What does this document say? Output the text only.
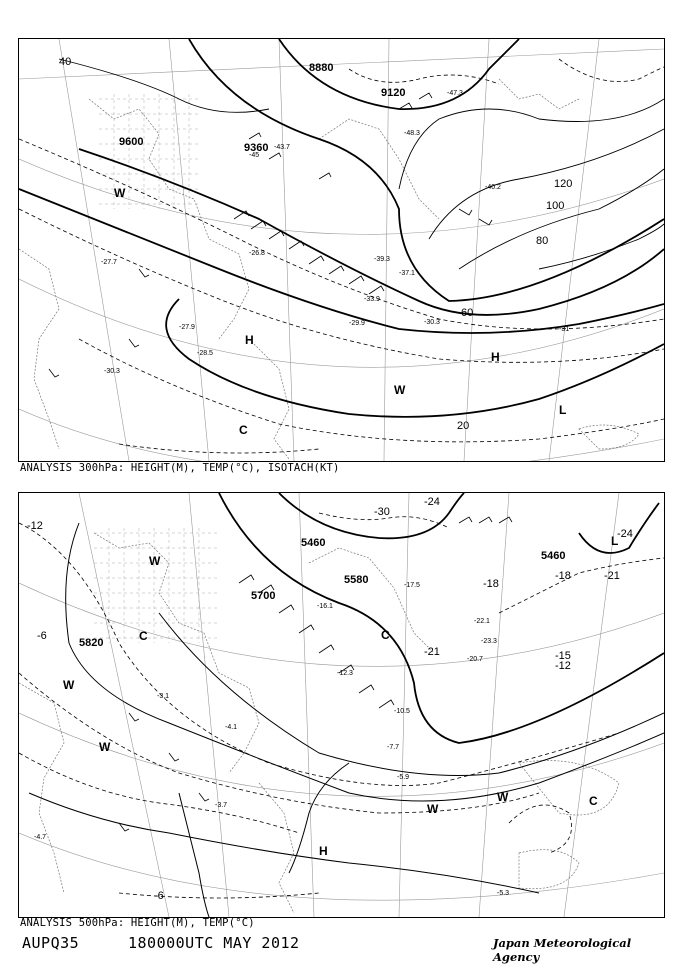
-47.3
-45
-43.7
-48.3
-40.2
-39.3
-37.1
-33.9
-30.3
-29.9
-27.7
-27.9
-28.5
-30.3
-26.8
-31
8880
9120
9360
9600
20
40
60
80
100
120
H
H
L
W
W
C
ANALYSIS 300hPa: HEIGHT(M), TEMP(°C), ISOTACH(KT)
-17.5
-16.1
-22.1
-23.3
-20.7
-12.3
-10.5
-7.7
-5.9
-4.1
-3.7
-5.3
-4.7
-3.1
5460
5580
5700
5820
5460
-30
-24
-24
-21
-21
-18
-18
-15
-12
-12
-6
-6
H
W
W
W
W
W
C	C
C
L
ANALYSIS 500hPa: HEIGHT(M), TEMP(°C)
AUPQ35	180000UTC MAY 2012	Japan Meteorological Agency
